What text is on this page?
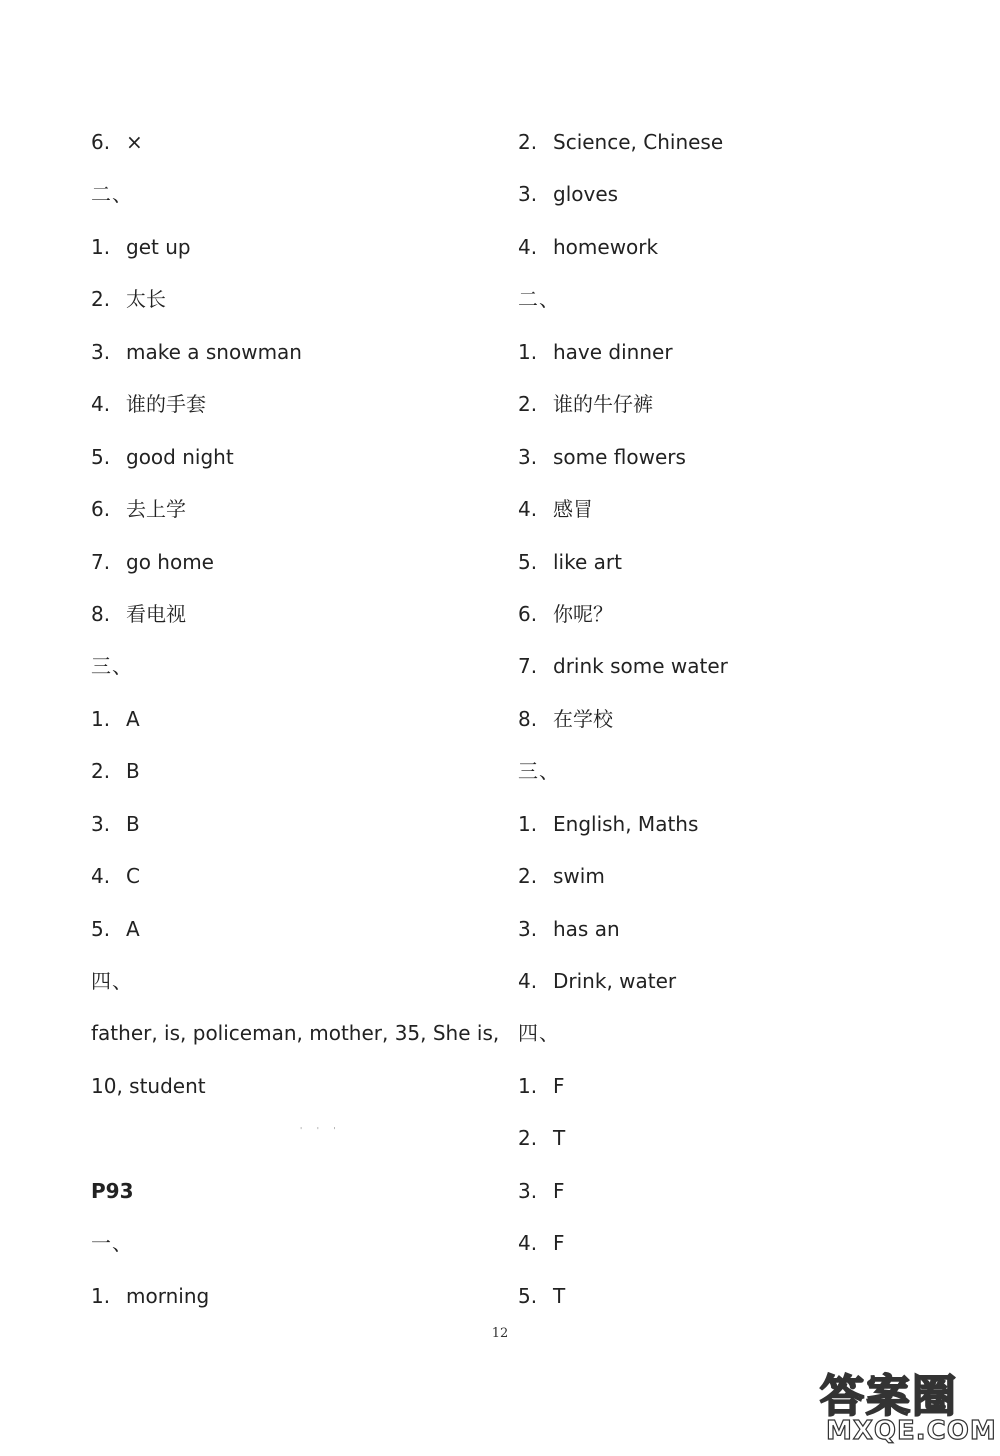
6. ×
二、
1. get up
2. 太长
3. make a snowman
4. 谁的手套
5. good night
6. 去上学
7. go home
8. 看电视
三、
1. A
2. B
3. B
4. C
5. A
四、
father, is, policeman, mother, 35, She is,
10, student
P93
一、
1. morning
2. Science, Chinese
3. gloves
4. homework
二、
1. have dinner
2. 谁的牛仔裤
3. some flowers
4. 感冒
5. like art
6. 你呢？
7. drink some water
8. 在学校
三、
1. English, Maths
2. swim
3. has an
4. Drink, water
四、
1. F
2. T
3. F
4. F
5. T
' ' '
12
答案圈
MXQE.COM
